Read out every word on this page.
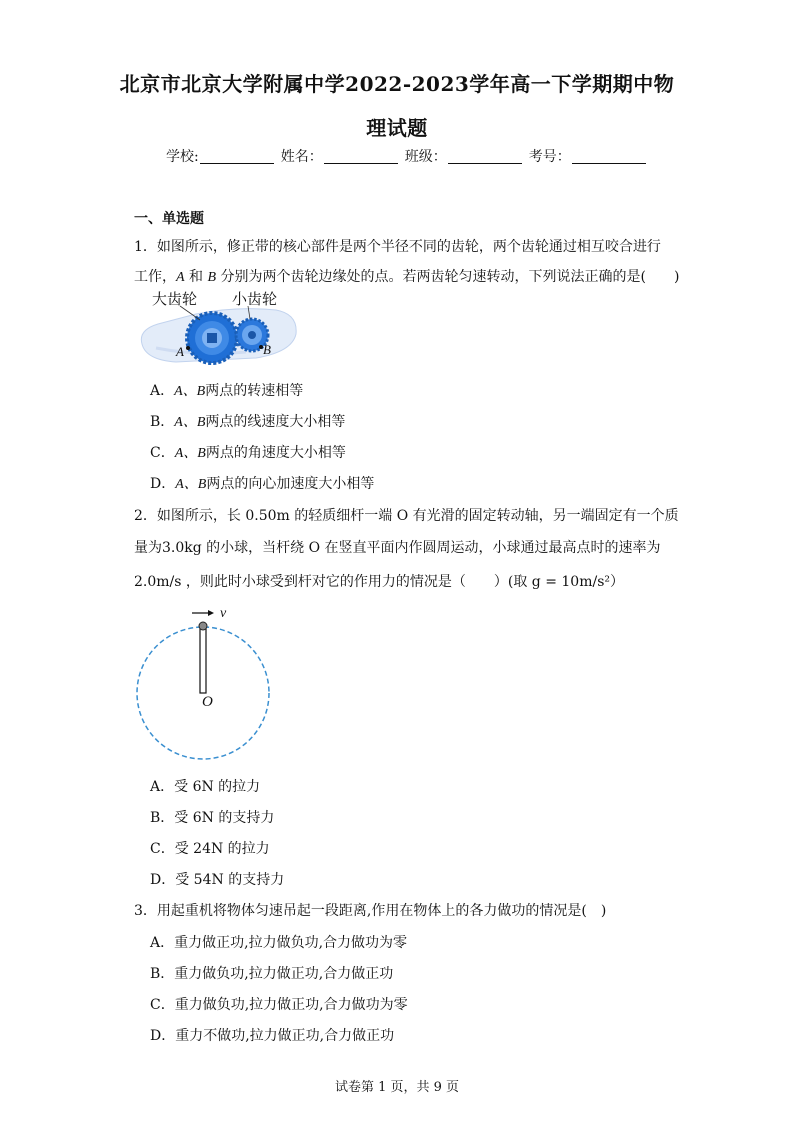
北京市北京大学附属中学2022-2023学年高一下学期期中物
理试题
学校:	姓名：	班级：	考号：
一、单选题
1．如图所示，修正带的核心部件是两个半径不同的齿轮，两个齿轮通过相互咬合进行
工作，A 和 B 分别为两个齿轮边缘处的点。若两齿轮匀速转动，下列说法正确的是(　　)
大齿轮 小齿轮
A	B
A．A、B两点的转速相等
B．A、B两点的线速度大小相等
C．A、B两点的角速度大小相等
D．A、B两点的向心加速度大小相等
2．如图所示，长 0.50m 的轻质细杆一端 O 有光滑的固定转动轴，另一端固定有一个质
量为3.0kg 的小球，当杆绕 O 在竖直平面内作圆周运动，小球通过最高点时的速率为
2.0m/s ，则此时小球受到杆对它的作用力的情况是（　　）(取 g = 10m/s²）
v
O
A．受 6N 的拉力
B．受 6N 的支持力
C．受 24N 的拉力
D．受 54N 的支持力
3．用起重机将物体匀速吊起一段距离,作用在物体上的各力做功的情况是(　)
A．重力做正功,拉力做负功,合力做功为零
B．重力做负功,拉力做正功,合力做正功
C．重力做负功,拉力做正功,合力做功为零
D．重力不做功,拉力做正功,合力做正功
试卷第 1 页，共 9 页
